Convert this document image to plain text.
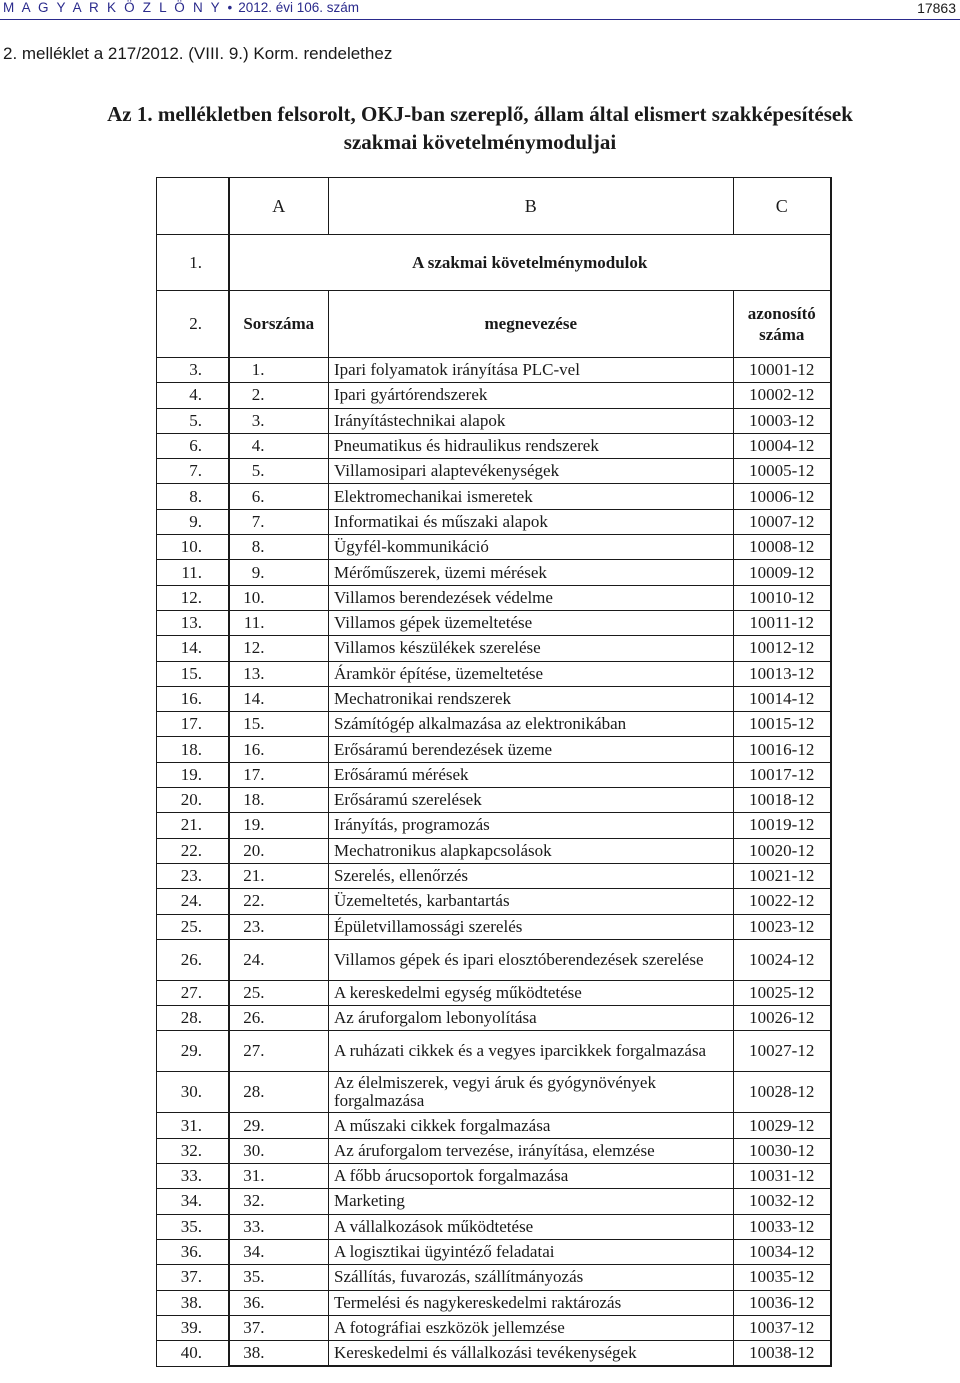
M A G Y A R K Ö Z L Ö N Y • 2012. évi 106. szám	17863
2. melléklet a 217/2012. (VIII. 9.) Korm. rendelethez
Az 1. mellékletben felsorolt, OKJ-ban szereplő, állam által elismert szakképesítések
szakmai követelménymoduljai
	A	B	C
1.	A szakmai követelménymodulok		
2.	Sorszáma	megnevezése	azonosító
száma

3.	1.	Ipari folyamatok irányítása PLC-vel	10001-12
4.	2.	Ipari gyártórendszerek	10002-12
5.	3.	Irányítástechnikai alapok	10003-12
6.	4.	Pneumatikus és hidraulikus rendszerek	10004-12
7.	5.	Villamosipari alaptevékenységek	10005-12
8.	6.	Elektromechanikai ismeretek	10006-12
9.	7.	Informatikai és műszaki alapok	10007-12
10.	8.	Ügyfél-kommunikáció	10008-12
11.	9.	Mérőműszerek, üzemi mérések	10009-12
12.	10.	Villamos berendezések védelme	10010-12
13.	11.	Villamos gépek üzemeltetése	10011-12
14.	12.	Villamos készülékek szerelése	10012-12
15.	13.	Áramkör építése, üzemeltetése	10013-12
16.	14.	Mechatronikai rendszerek	10014-12
17.	15.	Számítógép alkalmazása az elektronikában	10015-12
18.	16.	Erősáramú berendezések üzeme	10016-12
19.	17.	Erősáramú mérések	10017-12
20.	18.	Erősáramú szerelések	10018-12
21.	19.	Irányítás, programozás	10019-12
22.	20.	Mechatronikus alapkapcsolások	10020-12
23.	21.	Szerelés, ellenőrzés	10021-12
24.	22.	Üzemeltetés, karbantartás	10022-12
25.	23.	Épületvillamossági szerelés	10023-12
26.	24.	Villamos gépek és ipari elosztóberendezések szerelése	10024-12
27.	25.	A kereskedelmi egység működtetése	10025-12
28.	26.	Az áruforgalom lebonyolítása	10026-12
29.	27.	A ruházati cikkek és a vegyes iparcikkek forgalmazása	10027-12
30.	28.	Az élelmiszerek, vegyi áruk és gyógynövények forgalmazása	10028-12
31.	29.	A műszaki cikkek forgalmazása	10029-12
32.	30.	Az áruforgalom tervezése, irányítása, elemzése	10030-12
33.	31.	A főbb árucsoportok forgalmazása	10031-12
34.	32.	Marketing	10032-12
35.	33.	A vállalkozások működtetése	10033-12
36.	34.	A logisztikai ügyintéző feladatai	10034-12
37.	35.	Szállítás, fuvarozás, szállítmányozás	10035-12
38.	36.	Termelési és nagykereskedelmi raktározás	10036-12
39.	37.	A fotográfiai eszközök jellemzése	10037-12
40.	38.	Kereskedelmi és vállalkozási tevékenységek	10038-12
